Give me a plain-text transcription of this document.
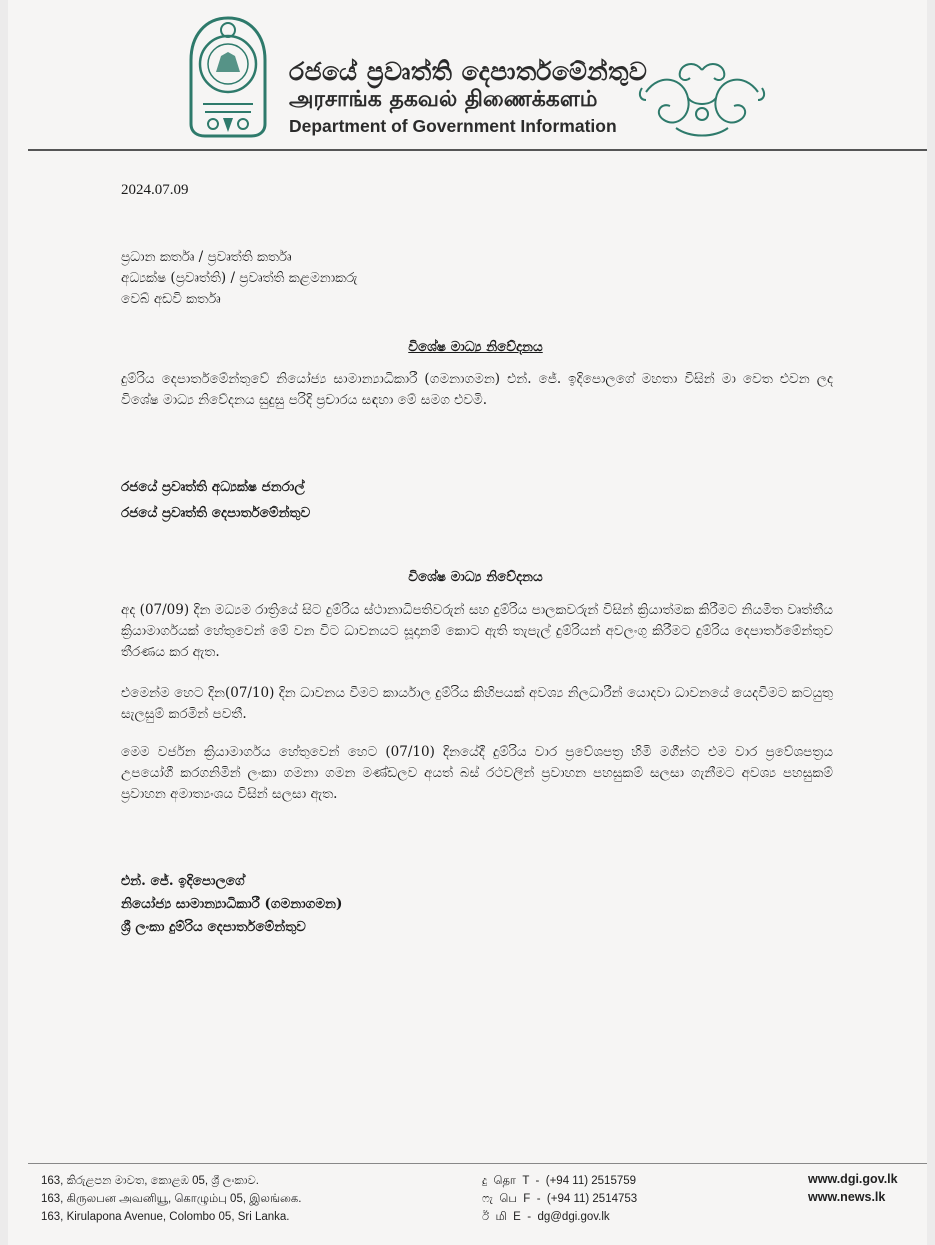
රජයේ ප්‍රවෘත්ති දෙපාර්තමේන්තුව
அரசாங்க தகவல் திணைக்களம்
Department of Government Information
2024.07.09
ප්‍රධාන කර්තෘ / ප්‍රවෘත්ති කර්තෘ
අධ්‍යක්ෂ (ප්‍රවෘත්ති) / ප්‍රවෘත්ති කළමනාකරු
වෙබ් අඩවි කර්තෘ
විශේෂ මාධ්‍ය නිවේදනය
දුම්රිය දෙපාර්තමේන්තුවේ නියෝජ්‍ය සාමාන්‍යාධිකාරී (ගමනාගමන) එන්. ජේ. ඉදිපොලගේ මහතා විසින් මා වෙත එවන ලද විශේෂ මාධ්‍ය නිවේදනය සුදුසු පරිදි ප්‍රචාරය සඳහා මේ සමග එවමි.
රජයේ ප්‍රවෘත්ති අධ්‍යක්ෂ ජනරාල්
රජයේ ප්‍රවෘත්ති දෙපාර්තමේන්තුව
විශේෂ මාධ්‍ය නිවේදනය
අද (07/09) දින මධ්‍යම රාත්‍රියේ සිට දුම්රිය ස්ථානාධිපතිවරුන් සහ දුම්රිය පාලකවරුන් විසින් ක්‍රියාත්මක කිරීමට නියමිත වෘත්තීය ක්‍රියාමාර්ගයක් හේතුවෙන් මේ වන විට ධාවනයට සූදානම් කොට ඇති තැපැල් දුම්රියන් අවලංගු කිරීමට දුම්රිය දෙපාර්තමේන්තුව තීරණය කර ඇත.
එමෙන්ම හෙට දින(07/10) දින ධාවනය වීමට කාර්යාල දුම්රිය කිහිපයක් අවශ්‍ය නිලධාරීන් යොදවා ධාවනයේ යෙදවීමට කටයුතු සැලසුම් කරමින් පවතී.
මෙම වර්ජන ක්‍රියාමාර්ගය හේතුවෙන් හෙට (07/10) දිනයේදී දුම්රිය වාර ප්‍රවේශපත්‍ර හිමි මගීන්ට එම වාර ප්‍රවේශපත්‍රය උපයෝගී කරගනිමින් ලංකා ගමනා ගමන මණ්ඩලව අයත් බස් රථවලින් ප්‍රවාහන පහසුකම් සලසා ගැනීමට අවශ්‍ය පහසුකම් ප්‍රවාහන අමාත්‍යංශය විසින් සලසා ඇත.
එන්. ජේ. ඉදිපොලගේ
නියෝජ්‍ය සාමාන්‍යාධිකාරී (ගමනාගමන)
ශ්‍රී ලංකා දුම්රිය දෙපාර්තමේන්තුව
163, කිරුළපන මාවත, කොළඹ 05, ශ්‍රී ලංකාව.
163, கிருலபன அவனியூ, கொழும்பு 05, இலங்கை.
163, Kirulapona Avenue, Colombo 05, Sri Lanka.
දු  தொ  T  -  (+94 11) 2515759
ෆැ  பெ  F  -  (+94 11) 2514753
ඊ  மி  E  -  dg@dgi.gov.lk
www.dgi.gov.lk
www.news.lk
